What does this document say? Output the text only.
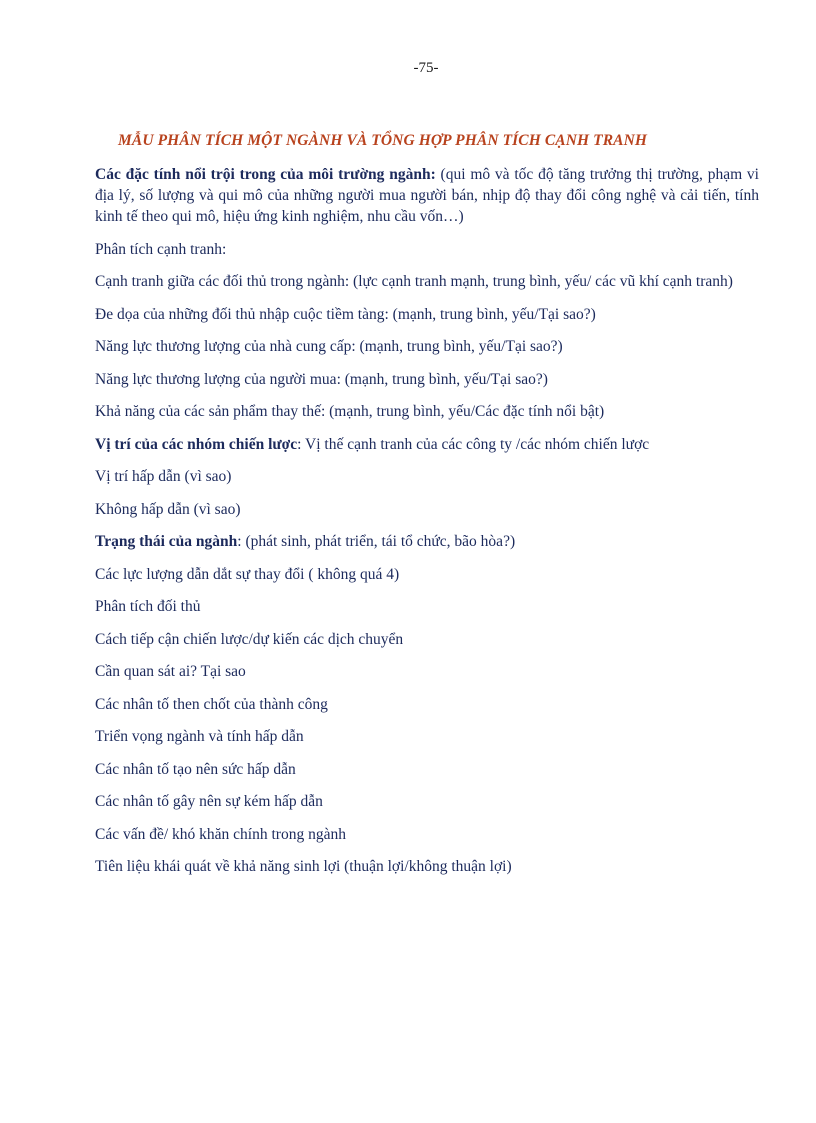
-75-
MẪU PHÂN TÍCH MỘT NGÀNH VÀ TỔNG HỢP PHÂN TÍCH CẠNH TRANH

Các đặc tính nổi trội trong của môi trường ngành: (qui mô và tốc độ tăng trưởng thị trường, phạm vi địa lý, số lượng và qui mô của những người mua người bán, nhịp độ thay đổi công nghệ và cải tiến, tính kinh tế theo qui mô, hiệu ứng kinh nghiệm, nhu cầu vốn…)

Phân tích cạnh tranh:

Cạnh tranh giữa các đối thủ trong ngành: (lực cạnh tranh mạnh, trung bình, yếu/ các vũ khí cạnh tranh)

Đe dọa của những đối thủ nhập cuộc tiềm tàng: (mạnh, trung bình, yếu/Tại sao?)

Năng lực thương lượng của nhà cung cấp: (mạnh, trung bình, yếu/Tại sao?)

Năng lực thương lượng của người mua: (mạnh, trung bình, yếu/Tại sao?)

Khả năng của các sản phẩm thay thế: (mạnh, trung bình, yếu/Các đặc tính nổi bật)

Vị trí của các nhóm chiến lược: Vị thế cạnh tranh của các công ty /các nhóm chiến lược

Vị trí hấp dẫn (vì sao)

Không hấp dẫn (vì sao)

Trạng thái của ngành: (phát sinh, phát triển, tái tổ chức, bão hòa?)

Các lực lượng dẫn dắt sự thay đổi ( không quá 4)

Phân tích đối thủ

Cách tiếp cận chiến lược/dự kiến các dịch chuyển

Cần quan sát ai? Tại sao

Các nhân tố then chốt của thành công

Triển vọng ngành và tính hấp dẫn

Các nhân tố tạo nên sức hấp dẫn

Các nhân tố gây nên sự kém hấp dẫn

Các vấn đề/ khó khăn chính trong ngành

Tiên liệu khái quát về khả năng sinh lợi (thuận lợi/không thuận lợi)
